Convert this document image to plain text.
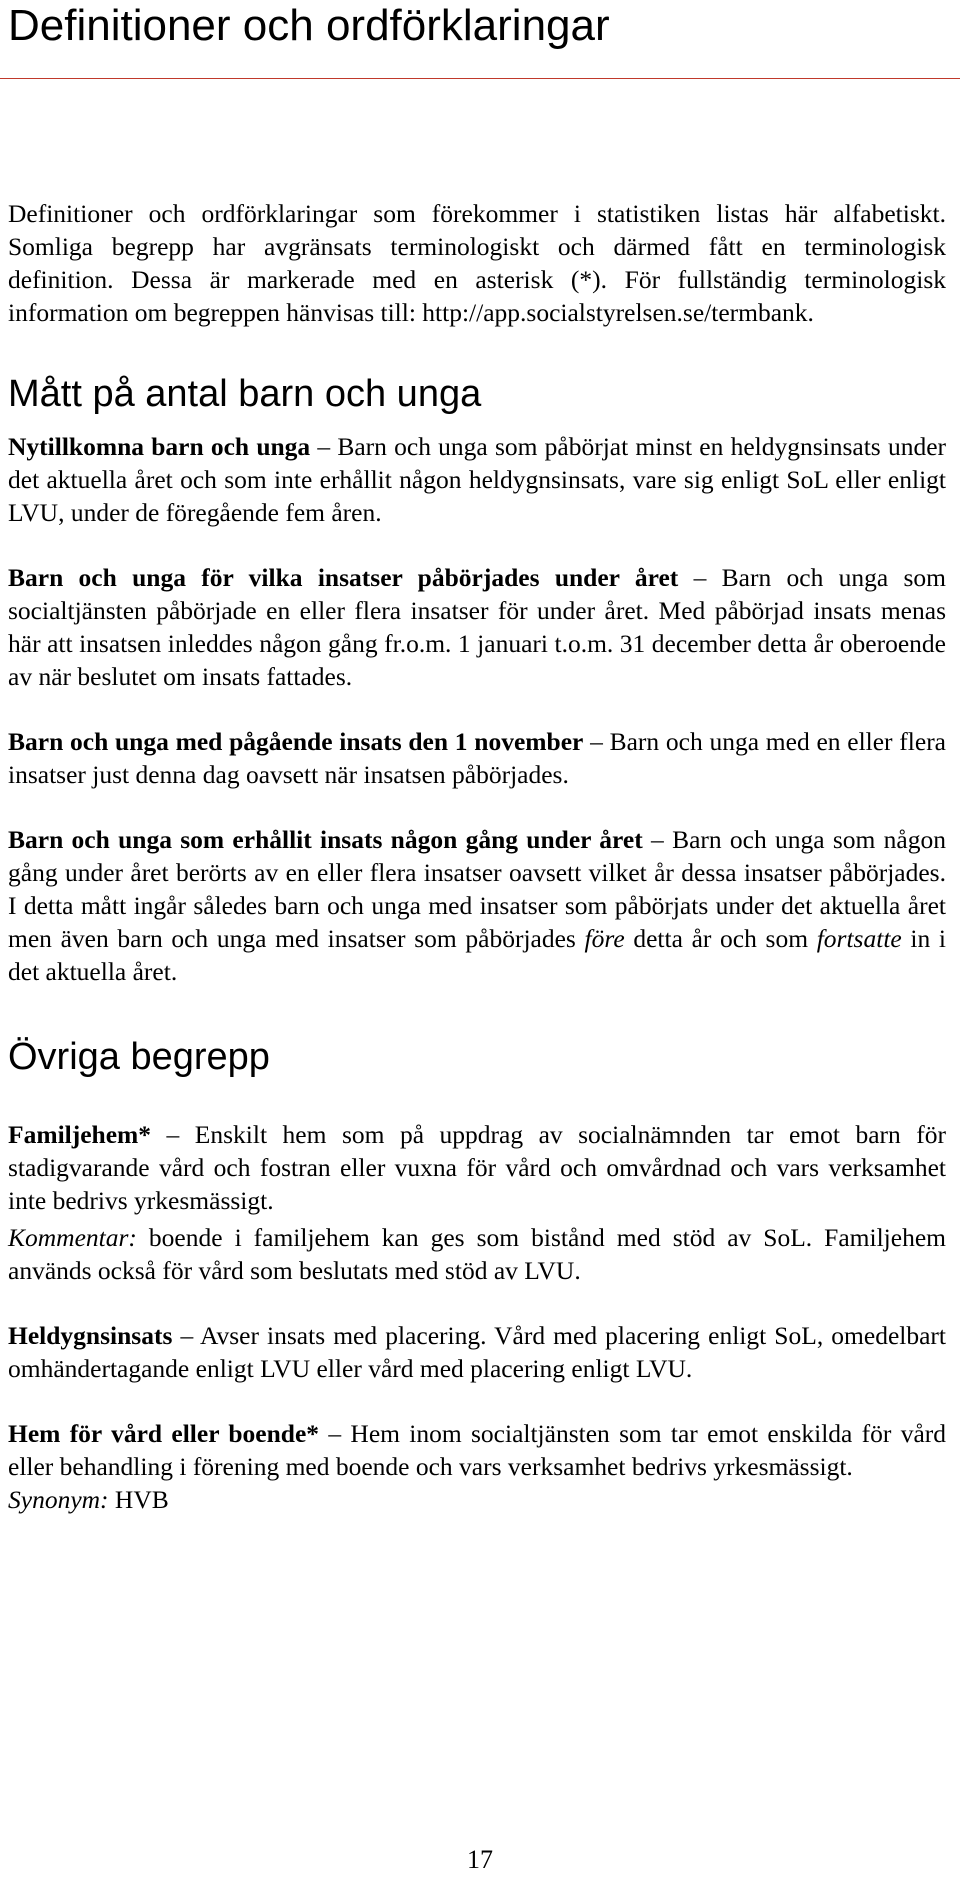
Definitioner och ordförklaringar

Definitioner och ordförklaringar som förekommer i statistiken listas här alfabetiskt. Somliga begrepp har avgränsats terminologiskt och därmed fått en terminologisk definition. Dessa är markerade med en asterisk (*). För fullständig terminologisk information om begreppen hänvisas till: http://app.socialstyrelsen.se/termbank.

Mått på antal barn och unga

Nytillkomna barn och unga – Barn och unga som påbörjat minst en heldygnsinsats under det aktuella året och som inte erhållit någon heldygnsinsats, vare sig enligt SoL eller enligt LVU, under de föregående fem åren.

Barn och unga för vilka insatser påbörjades under året – Barn och unga som socialtjänsten påbörjade en eller flera insatser för under året. Med påbörjad insats menas här att insatsen inleddes någon gång fr.o.m. 1 januari t.o.m. 31 december detta år oberoende av när beslutet om insats fattades.

Barn och unga med pågående insats den 1 november – Barn och unga med en eller flera insatser just denna dag oavsett när insatsen påbörjades.

Barn och unga som erhållit insats någon gång under året – Barn och unga som någon gång under året berörts av en eller flera insatser oavsett vilket år dessa insatser påbörjades. I detta mått ingår således barn och unga med insatser som påbörjats under det aktuella året men även barn och unga med insatser som påbörjades före detta år och som fortsatte in i det aktuella året.

Övriga begrepp

Familjehem* – Enskilt hem som på uppdrag av socialnämnden tar emot barn för stadigvarande vård och fostran eller vuxna för vård och omvårdnad och vars verksamhet inte bedrivs yrkesmässigt.

Kommentar: boende i familjehem kan ges som bistånd med stöd av SoL. Familjehem används också för vård som beslutats med stöd av LVU.

Heldygnsinsats – Avser insats med placering. Vård med placering enligt SoL, omedelbart omhändertagande enligt LVU eller vård med placering enligt LVU.

Hem för vård eller boende* – Hem inom socialtjänsten som tar emot enskilda för vård eller behandling i förening med boende och vars verksamhet bedrivs yrkesmässigt.

Synonym: HVB

17
